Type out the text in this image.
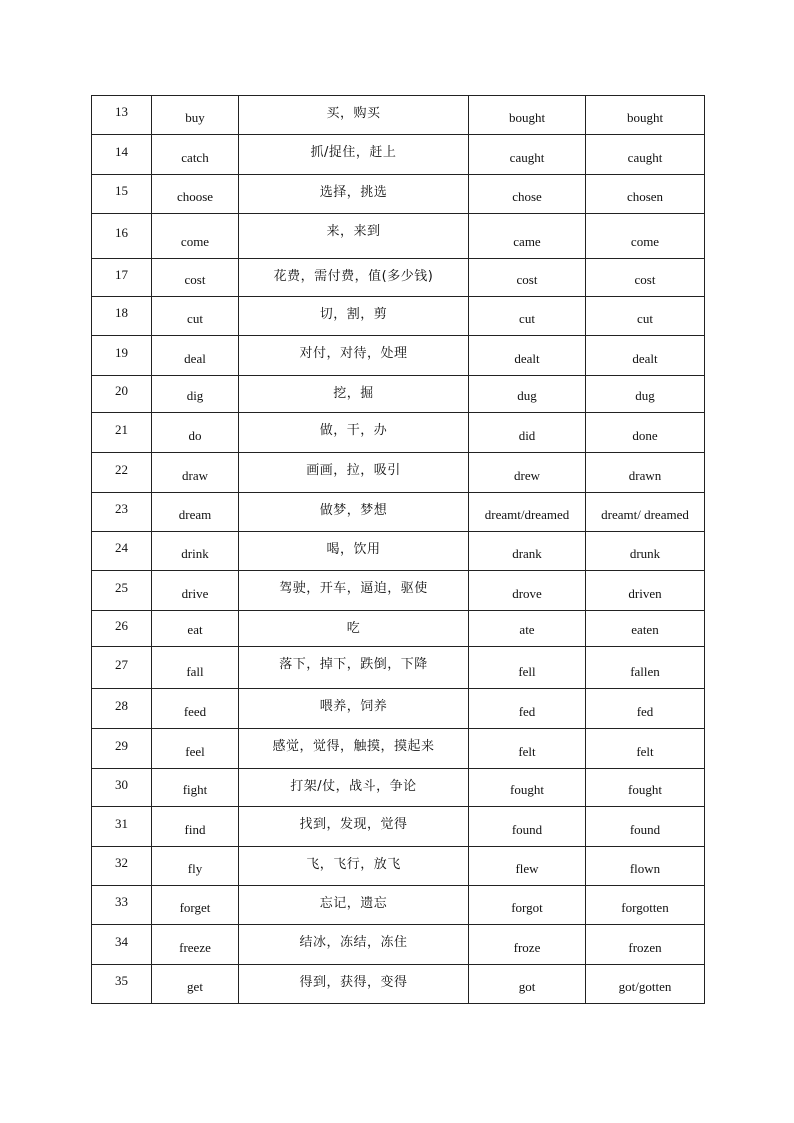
13	buy	买，购买	bought	bought
14	catch	抓/捉住，赶上	caught	caught
15	choose	选择，挑选	chose	chosen
16	come	来，来到	came	come
17	cost	花费，需付费，值(多少钱)	cost	cost
18	cut	切，割，剪	cut	cut
19	deal	对付，对待，处理	dealt	dealt
20	dig	挖，掘	dug	dug
21	do	做，干，办	did	done
22	draw	画画，拉，吸引	drew	drawn
23	dream	做梦，梦想	dreamt/dreamed	dreamt/ dreamed
24	drink	喝，饮用	drank	drunk
25	drive	驾驶，开车，逼迫，驱使	drove	driven
26	eat	吃	ate	eaten
27	fall	落下，掉下，跌倒，下降	fell	fallen
28	feed	喂养，饲养	fed	fed
29	feel	感觉，觉得，触摸，摸起来	felt	felt
30	fight	打架/仗，战斗，争论	fought	fought
31	find	找到，发现，觉得	found	found
32	fly	飞，飞行，放飞	flew	flown
33	forget	忘记，遗忘	forgot	forgotten
34	freeze	结冰，冻结，冻住	froze	frozen
35	get	得到，获得，变得	got	got/gotten
